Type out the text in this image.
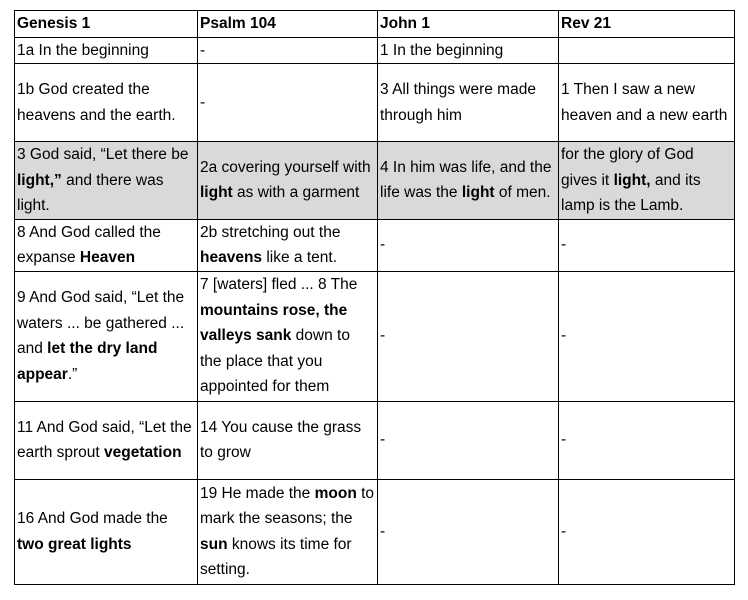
Genesis 1	Psalm 104	John 1	Rev 21
1a In the beginning	-	1 In the beginning	
1b God created the heavens and the earth.	-	3 All things were made through him	1 Then I saw a new heaven and a new earth
3 God said, “Let there be light,” and there was light.	2a covering yourself with light as with a garment	4 In him was life, and the life was the light of men.	for the glory of God gives it light, and its lamp is the Lamb.
8 And God called the expanse Heaven	2b stretching out the heavens like a tent.	-	-
9 And God said, “Let the waters ... be gathered ... and let the dry land appear.”	7 [waters] fled ... 8 The mountains rose, the valleys sank down to the place that you appointed for them	-	-
11 And God said, “Let the earth sprout vegetation	14 You cause the grass to grow	-	-
16 And God made the two great lights	19 He made the moon to mark the seasons; the sun knows its time for setting.	-	-
